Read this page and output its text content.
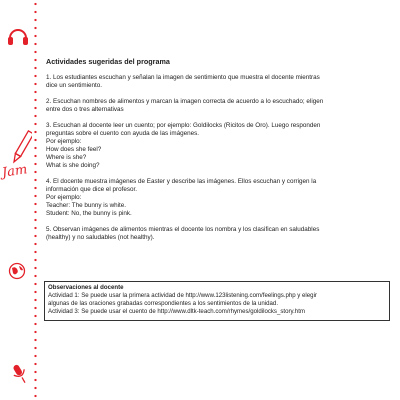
Jam
Actividades sugeridas del programa

1. Los estudiantes escuchan y señalan la imagen de sentimiento que muestra el docente mientras

dice un sentimiento.

2. Escuchan nombres de alimentos y marcan la imagen correcta de acuerdo a lo escuchado; eligen

entre dos o tres alternativas

3. Escuchan al docente leer un cuento; por ejemplo: Goldilocks (Ricitos de Oro). Luego responden

preguntas sobre el cuento con ayuda de las imágenes.

Por ejemplo:

How does she feel?

Where is she?

What is she doing?

4. El docente muestra imágenes de Easter y describe las imágenes. Ellos escuchan y corrigen la

información que dice el profesor.

Por ejemplo:

Teacher: The bunny is white.

Student: No, the bunny is pink.

5. Observan imágenes de alimentos mientras el docente los nombra y los clasifican en saludables

(healthy) y no saludables (not healthy).

Observaciones al docente
Actividad 1: Se puede usar la primera actividad de http://www.123listening.com/feelings.php y elegir
algunas de las oraciones grabadas correspondientes a los sentimientos de la unidad.
Actividad 3: Se puede usar el cuento de http://www.dltk-teach.com/rhymes/goldilocks_story.htm
